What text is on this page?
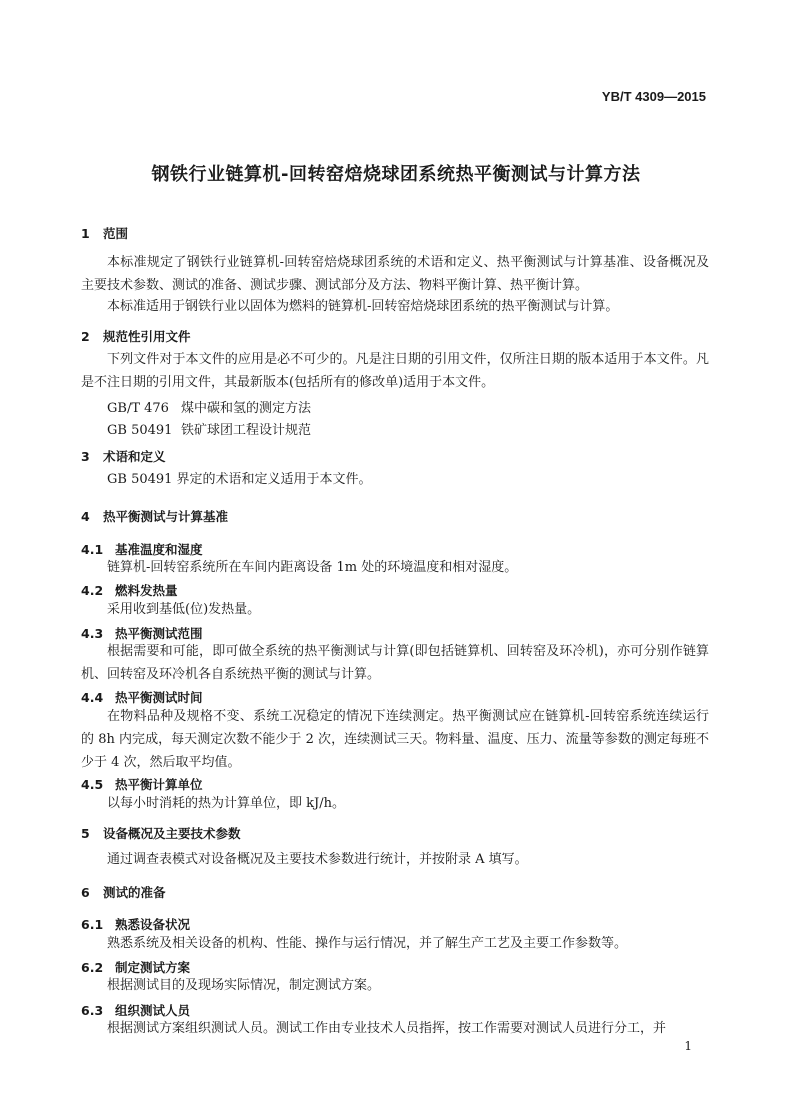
YB/T 4309—2015
钢铁行业链算机-回转窑焙烧球团系统热平衡测试与计算方法
1 范围
本标准规定了钢铁行业链算机-回转窑焙烧球团系统的术语和定义、热平衡测试与计算基准、设备概况及主要技术参数、测试的准备、测试步骤、测试部分及方法、物料平衡计算、热平衡计算。
本标准适用于钢铁行业以固体为燃料的链算机-回转窑焙烧球团系统的热平衡测试与计算。
2 规范性引用文件
下列文件对于本文件的应用是必不可少的。凡是注日期的引用文件，仅所注日期的版本适用于本文件。凡是不注日期的引用文件，其最新版本(包括所有的修改单)适用于本文件。
GB/T 476 煤中碳和氢的测定方法
GB 50491 铁矿球团工程设计规范
3 术语和定义
GB 50491 界定的术语和定义适用于本文件。
4 热平衡测试与计算基准
4.1 基准温度和湿度
链算机-回转窑系统所在车间内距离设备 1m 处的环境温度和相对湿度。
4.2 燃料发热量
采用收到基低(位)发热量。
4.3 热平衡测试范围
根据需要和可能，即可做全系统的热平衡测试与计算(即包括链算机、回转窑及环冷机)，亦可分别作链算机、回转窑及环冷机各自系统热平衡的测试与计算。
4.4 热平衡测试时间
在物料品种及规格不变、系统工况稳定的情况下连续测定。热平衡测试应在链算机-回转窑系统连续运行的 8h 内完成，每天测定次数不能少于 2 次，连续测试三天。物料量、温度、压力、流量等参数的测定每班不少于 4 次，然后取平均值。
4.5 热平衡计算单位
以每小时消耗的热为计算单位，即 kJ/h。
5 设备概况及主要技术参数
通过调查表模式对设备概况及主要技术参数进行统计，并按附录 A 填写。
6 测试的准备
6.1 熟悉设备状况
熟悉系统及相关设备的机构、性能、操作与运行情况，并了解生产工艺及主要工作参数等。
6.2 制定测试方案
根据测试目的及现场实际情况，制定测试方案。
6.3 组织测试人员
根据测试方案组织测试人员。测试工作由专业技术人员指挥，按工作需要对测试人员进行分工，并
1
